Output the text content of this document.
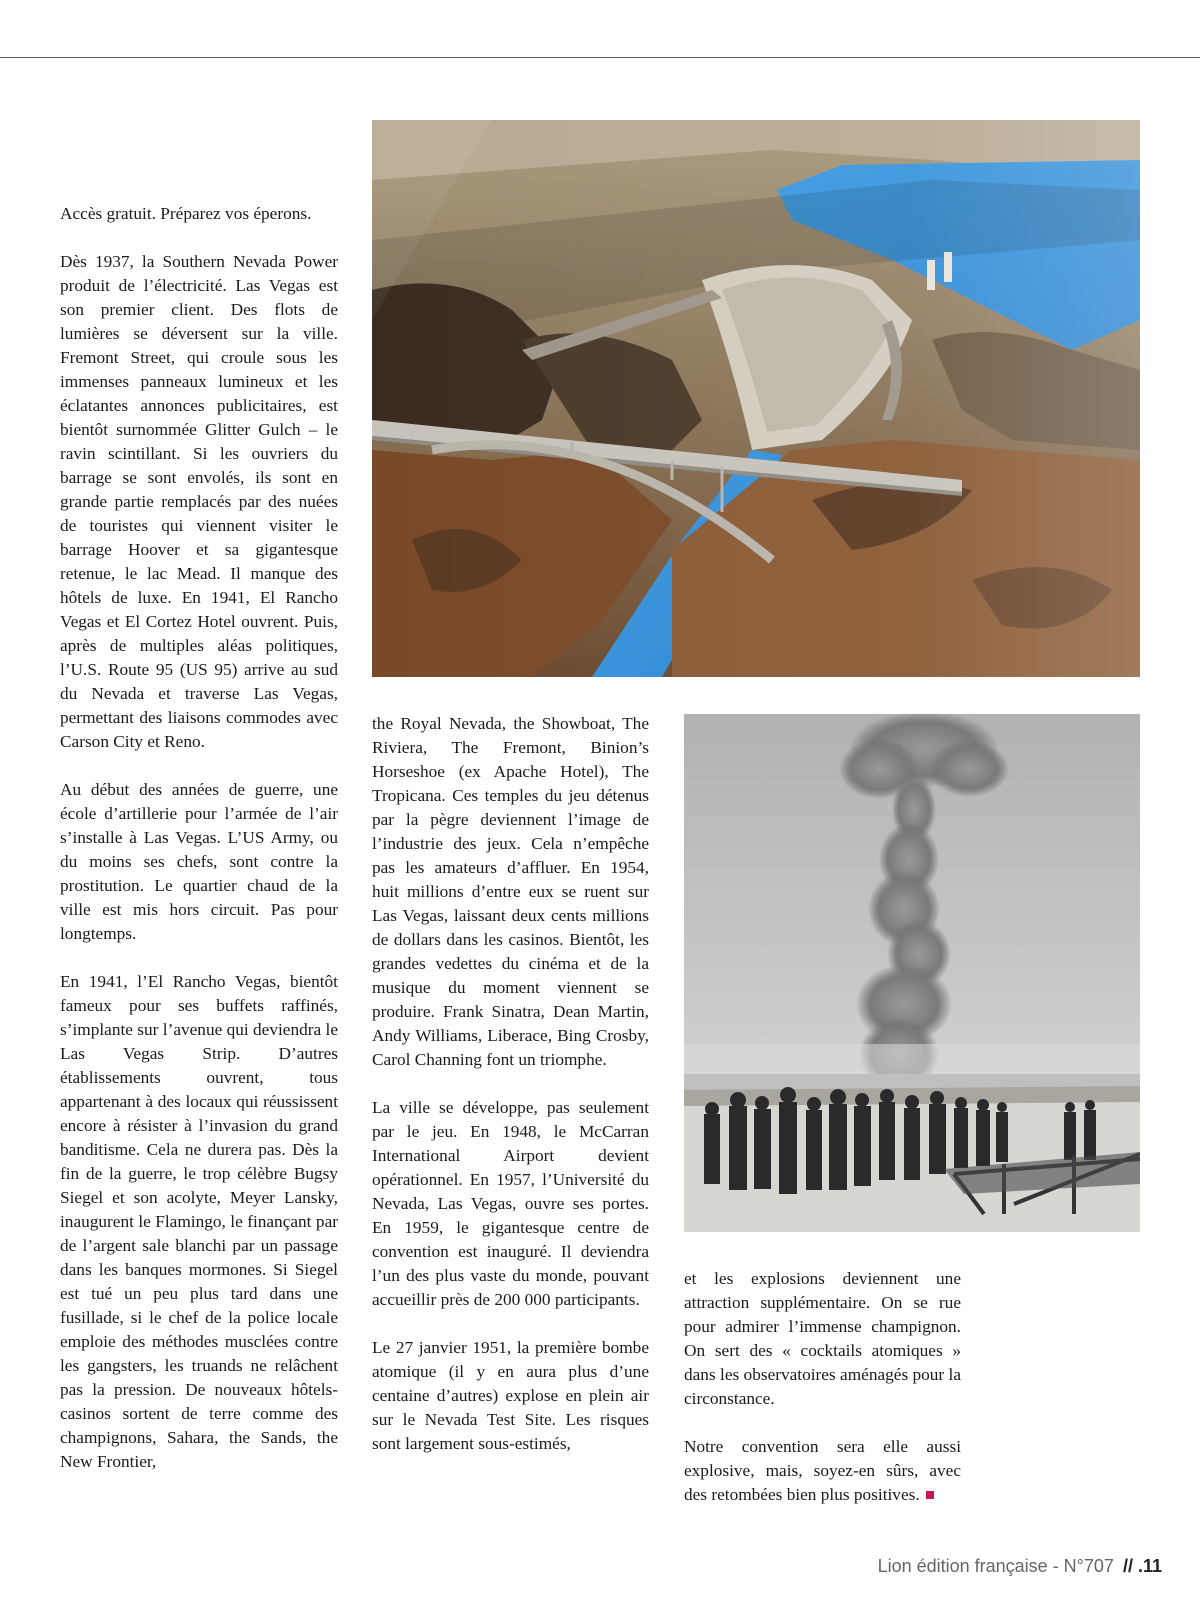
Accès gratuit. Préparez vos éperons.

Dès 1937, la Southern Nevada Power produit de l’électricité. Las Vegas est son premier client. Des flots de lumières se déversent sur la ville. Fremont Street, qui croule sous les immenses panneaux lumineux et les éclatantes annonces publicitaires, est bientôt surnommée Glitter Gulch – le ravin scintillant. Si les ouvriers du barrage se sont envolés, ils sont en grande partie remplacés par des nuées de touristes qui viennent visiter le barrage Hoover et sa gigantesque retenue, le lac Mead. Il manque des hôtels de luxe. En 1941, El Rancho Vegas et El Cortez Hotel ouvrent. Puis, après de multiples aléas politiques, l’U.S. Route 95 (US 95) arrive au sud du Nevada et traverse Las Vegas, permettant des liaisons commodes avec Carson City et Reno.

Au début des années de guerre, une école d’artillerie pour l’armée de l’air s’installe à Las Vegas. L’US Army, ou du moins ses chefs, sont contre la prostitution. Le quartier chaud de la ville est mis hors circuit. Pas pour longtemps.

En 1941, l’El Rancho Vegas, bientôt fameux pour ses buffets raffinés, s’implante sur l’avenue qui deviendra le Las Vegas Strip. D’autres établissements ouvrent, tous appartenant à des locaux qui réussissent encore à résister à l’invasion du grand banditisme. Cela ne durera pas. Dès la fin de la guerre, le trop célèbre Bugsy Siegel et son acolyte, Meyer Lansky, inaugurent le Flamingo, le finançant par de l’argent sale blanchi par un passage dans les banques mormones. Si Siegel est tué un peu plus tard dans une fusillade, si le chef de la police locale emploie des méthodes musclées contre les gangsters, les truands ne relâchent pas la pression. De nouveaux hôtels-casinos sortent de terre comme des champignons, Sahara, the Sands, the New Frontier,

the Royal Nevada, the Showboat, The Riviera, The Fremont, Binion’s Horseshoe (ex Apache Hotel), The Tropicana. Ces temples du jeu détenus par la pègre deviennent l’image de l’industrie des jeux. Cela n’empêche pas les amateurs d’affluer. En 1954, huit millions d’entre eux se ruent sur Las Vegas, laissant deux cents millions de dollars dans les casinos. Bientôt, les grandes vedettes du cinéma et de la musique du moment viennent se produire. Frank Sinatra, Dean Martin, Andy Williams, Liberace, Bing Crosby, Carol Channing font un triomphe.

La ville se développe, pas seulement par le jeu. En 1948, le McCarran International Airport devient opérationnel. En 1957, l’Université du Nevada, Las Vegas, ouvre ses portes. En 1959, le gigantesque centre de convention est inauguré. Il deviendra l’un des plus vaste du monde, pouvant accueillir près de 200 000 participants.

Le 27 janvier 1951, la première bombe atomique (il y en aura plus d’une centaine d’autres) explose en plein air sur le Nevada Test Site. Les risques sont largement sous-estimés,

et les explosions deviennent une attraction supplémentaire. On se rue pour admirer l’immense champignon. On sert des « cocktails atomiques » dans les observatoires aménagés pour la circonstance.

Notre convention sera elle aussi explosive, mais, soyez-en sûrs, avec des retombées bien plus positives.

Lion édition française - N°707 // .11
